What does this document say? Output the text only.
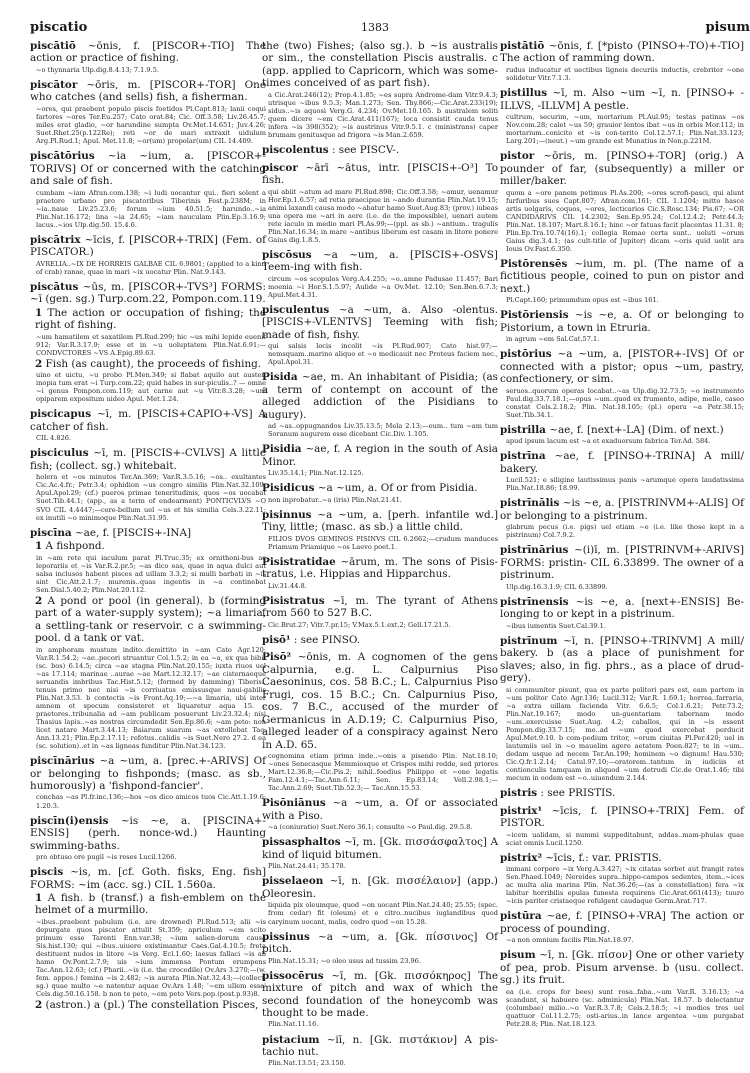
piscatio	1383	pisum
piscātiō ~ōnis, f. [PISCOR+-TIO] The action or practice of fishing.
~o thynnaria Ulp.dig.8.4.13; 7.1.9.5.
piscātor ~ōris, m. [PISCOR+-TOR] One who catches (and sells) fish, a fisherman.
~ores, qui praebent populo piscis foetidos Pl.Capt.813; lanii coqui fartores ~ores Ter.Eu.257; Cato orat.84; Cic. Off.3.58; Liv.26.45.7; miles erat gladio, ~or harundine sumpta Ov.Met.14.651; Juv.4.26; Suet.Rhet.25(p.122Re); reti ~or de mari extraxit uidulum Arg.Pl.Rud.1; Apul. Met.11.8; ~or(um) propolar(um) CIL 14.409.
piscātōrius ~ia ~ium, a. [PISCOR+-TORIVS] Of or concerned with the catching and sale of fish.
cumbam ~iam Afran.com.138; ~i ludi uocantur qui.. fieri solent a praetore urbano pro piscatoribus Tiberinis Fest.p.238M; in ~ia..naue Liv.25.23.6; forum ~ium 40.51.5; harundo..~ia Plin.Nat.16.172; lina ~ia 24.65; ~iam nauculam Plin.Ep.3.16.9; lacus..~ios Ulp.dig.50. 15.4.6.
piscātrix ~īcis, f. [PISCOR+-TRIX] (Fem. of PISCATOR.)
AVRELIA..~IX DE HORREIS GALBAE CIL 6.9801; (applied to a kind of crab) ranae, quae in mari ~ix uocatur Plin. Nat.9.143.
piscātus ~ūs, m. [PISCOR+-TVS³] FORMS: ~ī (gen. sg.) Turp.com.22, Pompon.com.119.
1 The action or occupation of fishing; the right of fishing.
~um hamatilem et saxatilem Pl.Rud.299; hic ~us mihi lepide euenit 912; Var.R.3.17.9; esse et in ~u uoluptatem Plin.Nat.6.91;—CONDVCTORES ~VS A.Epig.89.63.
2 Fish (as caught), the proceeds of fishing.
uino et uictu, ~u probo Pl.Men.349; si flabat aquilo aut auster, inopia tum erat ~i Turp.com.22; quid habes in sur-piculis..? — omne ~i genus Pompon.com.119; aut carne aut ~u Vitr.8.3.28; ~um opiparem expositum uideo Apul. Met.1.24.
piscicapus ~ī, m. [PISCIS+CAPIO+-VS] A catcher of fish.
CIL 4.826.
pisciculus ~ī, m. [PISCIS+-CVLVS] A little fish; (collect. sg.) whitebait.
holera et ~os minutos Ter.An.369; Var.R.3.5.16; ~os.. exultantes Cic.Ac.4.fr.; Petr.3.4; ophidion ~us congro similis Plin.Nat.32.109; Apul.Apol.29; (cf.) pueros primae teneritudinis, quos ~os uocabat Suet.Tib.44.1; (app., as a term of endearment) PONTICVLVS ~O SVO CIL 4.4447;—cere-bellum uel ~us et his similia Cels.3.22.11; ex inutili ~o minimoque Plin.Nat.31.95.
piscīna ~ae, f. [PISCIS+-INA]
1 A fishpond.
in ~am rete qui iaculum parat Pl.Truc.35; ex ornithoni-bus ac leporariis et ~is Var.R.2.pr.5; ~as dico eas, quae in aqua dulci aut salsa inclusos habent pisces ad uillam 3.3.2; si mulli barbati in ~is sint Cic.Att.2.1.7; murenis..quas ingentis in ~a continebat Sen.Dial.5.40.2; Plin.Nat.20.112.
2 A pond or pool (in general). b (forming part of a water-supply system); ~a limaria, a settling-tank or reservoir. c a swimming-pool. d a tank or vat.
in amphoram mustum indito..demittito in ~am Cato Agr.120; Var.R.1.54.2; ~ae..pecori struantur Col.1.5.2; in ea ~a, ex qua bibit (sc. bos) 6.14.5; circa ~ae stagna Plin.Nat.20.155; iuxta riuos uel ~as 17.114; marinae ..aurae ~ae Mart.12.32.17; ~ae cisternaeque seruandis imbribus Tac.Hist.5.12; (formed by damming) Tiberis.. tenuis primo nec nisi ~is corriuatus emissusque naui-gabilis Plin.Nat.3.53. b contectis ~is Front.Aq.19;—~a limaria, ubi inter amnem et specum consisteret et liquaretur aqua 15. c praetores..tribunalia ad ~am publicam posuerunt Liv.23.32.4; nisi Thasius lapis..~as nostras circumdedit Sen.Ep.86.6; ~am peto: non licet natare Mart.3.44.13; Baiarum suarum ~as extollebat Tac. Ann.13.21; Plin.Ep.2.17.11; refotus..calidis ~is Suet.Nero 27.2. d ea (sc. solution)..et in ~as ligneas funditur Plin.Nat.34.123.
piscīnārius ~a ~um, a. [prec.+-ARIVS] Of or belonging to fishponds; (masc. as sb., humorously) a 'fishpond-fancier'.
conchas ~as Pl.fr.inc.136;—hos ~os dico amicos tuos Cic.Att.1.19.6; 1.20.3.
piscīn(i)ensis ~is ~e, a. [PISCINA+-ENSIS] (perh. nonce-wd.) Haunting swimming-baths.
pro obtuso ore pugil ~is reses Lucil.1266.
piscis ~is, m. [cf. Goth. fisks, Eng. fish] FORMS: ~im (acc. sg.) CIL 1.560a.
1 A fish. b (transf.) a fish-emblem on the helmet of a murmillo.
~ibus..praebent pabulum (i.e. are drowned) Pl.Rud.513; alii ~is depurgate quos piscator attulit St.359; apriculum ~em scito primum esse Tarenti Enn.var.38; ~ium salien-dorum causa Sis.hist.130; qui ~ibus..uiuere existimantur Caes.Gal.4.10.5; freta destituent nudos in litore ~is Verg. Ecl.1.60; laesus fallaci ~is ab hamo Ov.Pont.2.7.9; uis ~ium immensa Pontum erumpens Tac.Ann.12.63; (cf.) Pharii..~is (i.e. the crocodile) Ov.Ars 3.270;—(w. fem. appos.) femina ~is 2.482; ~is aurata Plin.Nat.32.43;—(collect. sg.) quae multo ~e natentur aquae Ov.Ars 1.48; '~em ullem esse' Cels.dig.50.16.158. b non te peto, ~em peto Vers.pop.(post.p.93)8.
2 (astron.) a (pl.) The constellation Pisces,
the (two) Fishes; (also sg.). b ~is australis or sim., the constellation Piscis australis. c (app. applied to Capricorn, which was some-times conceived of as part fish).
a Cic.Arat.246(12); Prop.4.1.85; ~es supra Androme-dam Vitr.9.4.3; utrisque ~ibus 9.5.3; Man.1.273; Sen. Thy.866;—Cic.Arat.233(19); sidus..~is aquosi Verg.G. 4.234; Ov.Met.10.165. b australem soliti quem dicere ~em Cic.Arat.411(167); loca consistit cauda tenus infera ~is 398(352); ~is austrinus Vitr.9.5.1. c (ministrans) caper brumam genitusque ad frigora ~is Man.2.659.
piscolentus : see PISCV-.
piscor ~ārī ~ātus, intr. [PISCIS+-O³] To fish.
qui abiit ~atum ad mare Pl.Rud.898; Cic.Off.3.58; ~amur, uenamur Hor.Ep.1.6.57; ad retia praecipue in ~ando durantia Plin.Nat.19.15; animi laxandi causa modo ~abatur hamo Suet.Aug.83; (prov.) iubeas una opera me ~ari in aere (i.e. do the impossible), uenari autem rete iaculo in medio mari Pl.As.99;—(ppl. as sb.) ~antium.. tragulis Plin.Nat.16.34; in mare ~antibus liberum est casam in litore ponere Gaius dig.1.8.5.
piscōsus ~a ~um, a. [PISCIS+-OSVS] Teem-ing with fish.
circum ~os scopulos Verg.A.4.255; ~o..amne Padusae 11.457; Bari moenia ~i Hor.S.1.5.97; Aulide ~a Ov.Met. 12.10; Sen.Ben.6.7.3; Apul.Met.4.31.
pisculentus ~a ~um, a. Also -olentus. [PISCIS+-VLENTVS] Teeming with fish; made of fish, fishy.
qui salsis locis incolit ~is Pl.Rud.907; Cato hist.97;— nemsquam..marino aliquo et ~o medicauit nec Proteus faciem nec., Apul.Apol.31.
Pisida ~ae, m. An inhabitant of Pisidia; (as a term of contempt on account of the alleged addiction of the Pisidians to augury).
ad ~as..oppugnandos Liv.35.13.5; Mela 2.13;—eum.. tum ~am tum Soranum augurem esse dicebant Cic.Div. 1.105.
Pisidia ~ae, f. A region in the south of Asia Minor.
Liv.35.14.1; Plin.Nat.12.125.
Pisidicus ~a ~um, a. Of or from Pisidia.
non inprobatur..~a (iris) Plin.Nat.21.41.
pisinnus ~a ~um, a. [perh. infantile wd.] Tiny, little; (masc. as sb.) a little child.
FILIOS DVOS GEMINOS PISINVS CIL 6.2662;—crudum manduces Priamum Priamique ~os Laevo poet.1.
Pisistratidae ~ārum, m. The sons of Pisis-tratus, i.e. Hippias and Hipparchus.
Liv.31.44.8.
Pisistratus ~ī, m. The tyrant of Athens from 560 to 527 B.C.
Cic.Brut.27; Vitr.7.pr.15; V.Max.5.1.ext.2; Gell.17.21.5.
pisō¹ : see PINSO.
Pisō² ~ōnis, m. A cognomen of the gens Calpurnia, e.g. L. Calpurnius Piso Caesoninus, cos. 58 B.C.; L. Calpurnius Piso Frugi, cos. 15 B.C.; Cn. Calpurnius Piso, cos. 7 B.C., accused of the murder of Germanicus in A.D.19; C. Calpurnius Piso, alleged leader of a conspiracy against Nero in A.D. 65.
cognomina etiam prima inde..~onis a pisendo Plin. Nat.18.10; ~ones Senecasque Memmiosque et Crispos mihi redde, sed priores Mart.12.36.8;—Cic.Pis.2; nihil..foedius Philippo et ~one legatis Fam.12.4.1;—Tac.Ann.6.11; Sen. Ep.83.14; Vell.2.98.1;—Tac.Ann.2.69; Suet.Tib.52.3;— Tac.Ann.15.53.
Pisōniānus ~a ~um, a. Of or associated with a Piso.
~a (coniuratio) Suet.Nero 36.1; consulto ~o Paul.dig. 29.5.8.
pissasphaltos ~ī, m. [Gk. πισσάσφαλτος] A kind of liquid bitumen.
Plin.Nat.24.41; 35.178.
pisselaeon ~ī, n. [Gk. πισσέλαιον] (app.) Oleoresin.
liquida pix oleumque, quod ~on uocant Plin.Nat.24.40; 25.55; (spec. from cedar) fit (oleum) et e citro..nucibus iuglandibus quod caryinum uocant, malis, cedro quod ~on 15.28.
pissinus ~a ~um, a. [Gk. πίσσινος] Of pitch.
Plin.Nat.15.31; ~o oleo usus ad tussim 23.96.
pissocērus ~ī, m. [Gk. πισσόκηρος] The mixture of pitch and wax of which the second foundation of the honeycomb was thought to be made.
Plin.Nat.11.16.
pistacium ~iī, n. [Gk. πιστάκιον] A pis-tachio nut.
Plin.Nat.13.51; 23.150.
pistātiō ~ōnis, f. [*pisto (PINSO+-TO)+-TIO] The action of ramming down.
rudus inducatur et uectibus ligneis decuriis inductis, crebriter ~one solidetur Vitr.7.1.3.
pistillus ~ī, m. Also ~um ~ī, n. [PINSO+ -ILLVS, -ILLVM] A pestle.
cultrum, securim, ~um, mortarium Pl.Aul.95; testas patinas ~os Nov.com.28; calet ~us 59; grauior lentos ibat ~us in orbis Mor.112; in mortarium..conicito et ~is con-terito Col.12.57.1; Plin.Nat.33.123; Larg.201;—(neut.) ~um grande est Munatius in Non.p.221M.
pistor ~ōris, m. [PINSO+-TOR] (orig.) A pounder of far, (subsequently) a miller or miller/baker.
quom a ~ore panem petimus Pl.As.200; ~ores scrofi-pasci, qui alunt furfuribus sues Capt.807; Afran.com.161; CIL 1.1204; mitto hasce artis uolgaris, coquos, ~ores, lecticarios Cic.S.Rosc.134; Pis.67; ~OR CANDIDARIVS CIL 14.2302; Sen.Ep.95.24; Col.12.4.2; Petr.44.3; Plin.Nat. 18.107; Mart.8.16.1; hinc ~or fatuas facit placentas 11.31. 8; Plin.Ep.Tra.10.74(16).1; collegia Romae certa sunt.. ueluti ~orum Gaius dig.3.4.1; (as cult-title of Jupiter) dicam ~oris quid uelit ara Iouis Ov.Fast.6.350.
Pistōrensēs ~ium, m. pl. (The name of a fictitious people, coined to pun on pistor and next.)
Pl.Capt.160; primumdum opus est ~ibus 161.
Pistōriensis ~is ~e, a. Of or belonging to Pistorium, a town in Etruria.
in agrum ~em Sal.Cat.57.1.
pistōrius ~a ~um, a. [PISTOR+-IVS] Of or connected with a pistor; opus ~um, pastry, confectionery, or sim.
seruos..quorum operas locabat..~as Ulp.dig.32.73.5; ~o instrumento Paul.dig.33.7.18.1;—opus ~um..quod ex frumento, adipe, melle, caseo constat Cels.2.18.2; Plin. Nat.18.105; (pl.) opera ~a Petr.38.15; Suet.Tib.34.1.
pistrilla ~ae, f. [next+-LA] (Dim. of next.)
apud ipsum lacum est ~a et exaduorsum fabrica Ter.Ad. 584.
pistrīna ~ae, f. [PINSO+-TRINA] A mill/ bakery.
Lucil.521; e siligine lautissimus panis ~arumque opera laudatissima Plin.Nat.18.86; 18.99.
pistrīnālis ~is ~e, a. [PISTRINVM+-ALIS] Of or belonging to a pistrinum.
glabrum pecus (i.e. pigs) uel etiam ~e (i.e. like those kept in a pistrinum) Col.7.9.2.
pistrīnārius ~(i)ī, m. [PISTRINVM+-ARIVS] FORMS: pristin- CIL 6.33899. The owner of a pistrinum.
Ulp.dig.16.3.1.9; CIL 6.33899.
pistrīnensis ~is ~e, a. [next+-ENSIS] Be-longing to or kept in a pistrinum.
~ibus iumentis Suet.Cal.39.1.
pistrīnum ~ī, n. [PINSO+-TRINVM] A mill/ bakery. b (as a place of punishment for slaves; also, in fig. phrs., as a place of drud-gery).
si communiter pisunt, qua ex parte politori pars est, eam partem in ~um politor Cato Agr.136; Lucil.312; Var.R. 1.69.1; horrea..farraria, ~a extra uillam facienda Vitr. 6.6.5; Col.1.6.21; Petr.73.2; Plin.Nat.19.167; modo un-guentariam tabernam modo ~um..exercuisse Suet.Aug. 4.2; caballos, qui in ~is essent Pompon.dig.33.7.15; me..ad ~um quod exercebat perducit Apul.Met.9.10. b com-pedium tritor, ~orum ciuitas Pl.Per.420; uel in lautumiis uel in ~o mauelim agere aetatem Poen.827; te in ~um.. dedam usque ad necem Ter.An.199; hominem ~o dignum! Hau.530; Cic.Q.fr.1.2.14; Catul.97.10;—oratorem..tantum in iudiciis et contionculis tamquam in aliquod ~um detrudi Cic.de Orat.1.46; tibi mecum in eodem est ~o..uiuendum 2.144.
pistris : see PRISTIS.
pistrix¹ ~īcis, f. [PINSO+-TRIX] Fem. of PISTOR.
~icem ualidam, si nummi suppeditabunt, addas..mam-phulas quae sciat omnis Lucil.1250.
pistrix² ~īcis, f.: var. PRISTIS.
immani corpore ~ix Verg.A.3.427; ~ix citatas sorbet aut frangit rates Sen.Phaed.1049; Nereides supra..hippo-campos sedentes, item..~ices ac multa alia marina Plin. Nat.36.26;—(as a constellation) fera ~ix labitur horribilis epulas funesta requirens Cic.Arat.661(413); tuuro ~icis pariter cristaeque refulgent caudaque Germ.Arat.717.
pistūra ~ae, f. [PINSO+-VRA] The action or process of pounding.
~a non omnium facilis Plin.Nat.18.97.
pisum ~ī, n. [Gk. πίσον] One or other variety of pea, prob. Pisum arvense. b (usu. collect. sg.) its fruit.
ea (i.e. crops for bees) sunt rosa..faba..~um Var.R. 3.16.13; ~a scandunt, si habuere (sc. adminicula) Plin.Nat. 18.57. b delectantur (columbae) milio..~o Var.R.3.7.8; Cels.2.18.5; ~i modios tres uel quattuor Col.11.2.75; osti-arius..in lance argentea ~um purgabat Petr.28.8; Plin. Nat.18.123.
